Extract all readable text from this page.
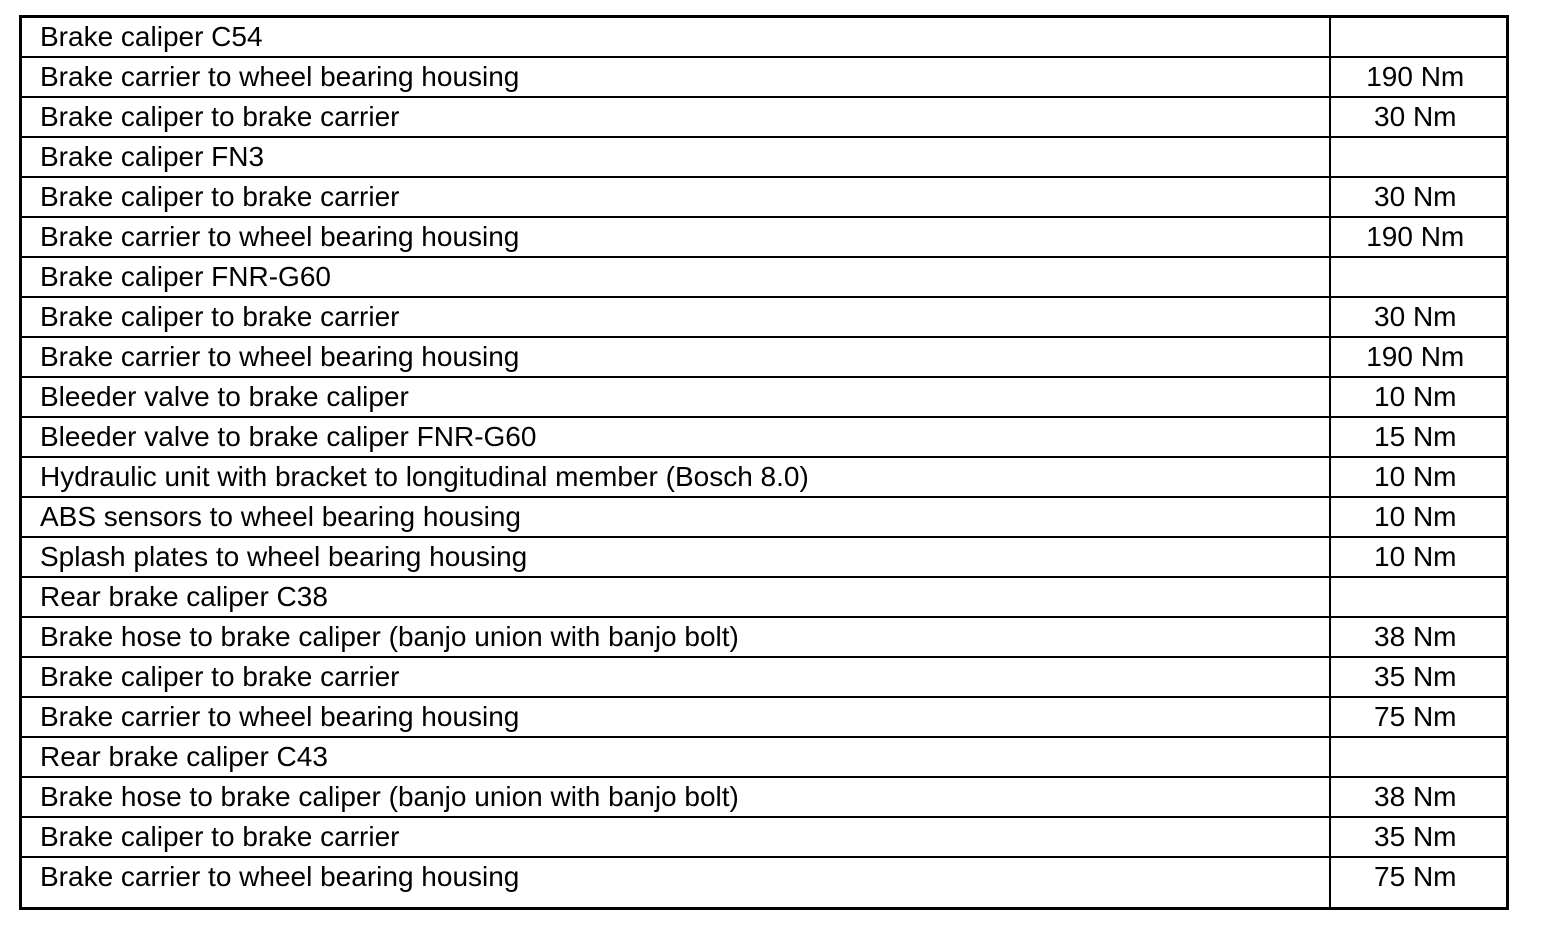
Brake caliper C54	
Brake carrier to wheel bearing housing	190 Nm
Brake caliper to brake carrier	30 Nm
Brake caliper FN3	
Brake caliper to brake carrier	30 Nm
Brake carrier to wheel bearing housing	190 Nm
Brake caliper FNR-G60	
Brake caliper to brake carrier	30 Nm
Brake carrier to wheel bearing housing	190 Nm
Bleeder valve to brake caliper	10 Nm
Bleeder valve to brake caliper FNR-G60	15 Nm
Hydraulic unit with bracket to longitudinal member (Bosch 8.0)	10 Nm
ABS sensors to wheel bearing housing	10 Nm
Splash plates to wheel bearing housing	10 Nm
Rear brake caliper C38	
Brake hose to brake caliper (banjo union with banjo bolt)	38 Nm
Brake caliper to brake carrier	35 Nm
Brake carrier to wheel bearing housing	75 Nm
Rear brake caliper C43	
Brake hose to brake caliper (banjo union with banjo bolt)	38 Nm
Brake caliper to brake carrier	35 Nm
Brake carrier to wheel bearing housing	75 Nm
